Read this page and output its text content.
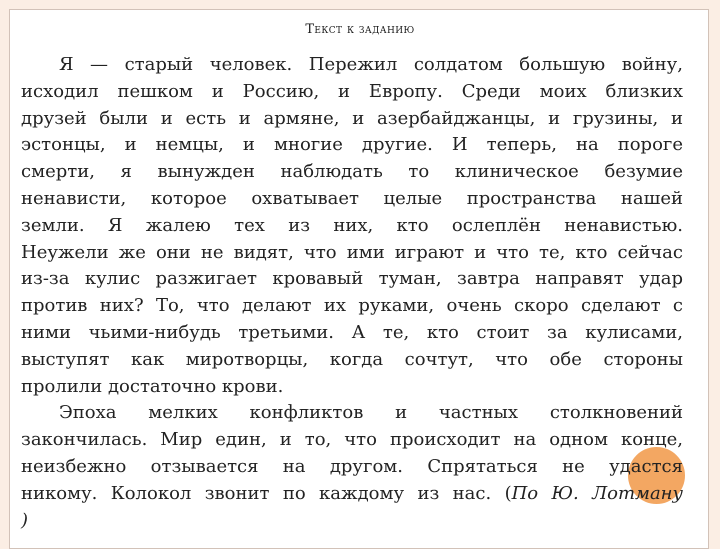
Текст к заданию
Я — старый человек. Пережил солдатом большую войну,
исходил пешком и Россию, и Европу. Среди моих близких
друзей были и есть и армяне, и азербайджанцы, и грузины, и
эстонцы, и немцы, и многие другие. И теперь, на пороге
смерти, я вынужден наблюдать то клиническое безумие
ненависти, которое охватывает целые пространства нашей
земли. Я жалею тех из них, кто ослеплён ненавистью.
Неужели же они не видят, что ими играют и что те, кто сейчас
из-за кулис разжигает кровавый туман, завтра направят удар
против них? То, что делают их руками, очень скоро сделают с
ними чьими-нибудь третьими. А те, кто стоит за кулисами,
выступят как миротворцы, когда сочтут, что обе стороны
пролили достаточно крови.
Эпоха мелких конфликтов и частных столкновений
закончилась. Мир един, и то, что происходит на одном конце,
неизбежно отзывается на другом. Спрятаться не удастся
никому. Колокол звонит по каждому из нас. (По Ю. Лотману
)
